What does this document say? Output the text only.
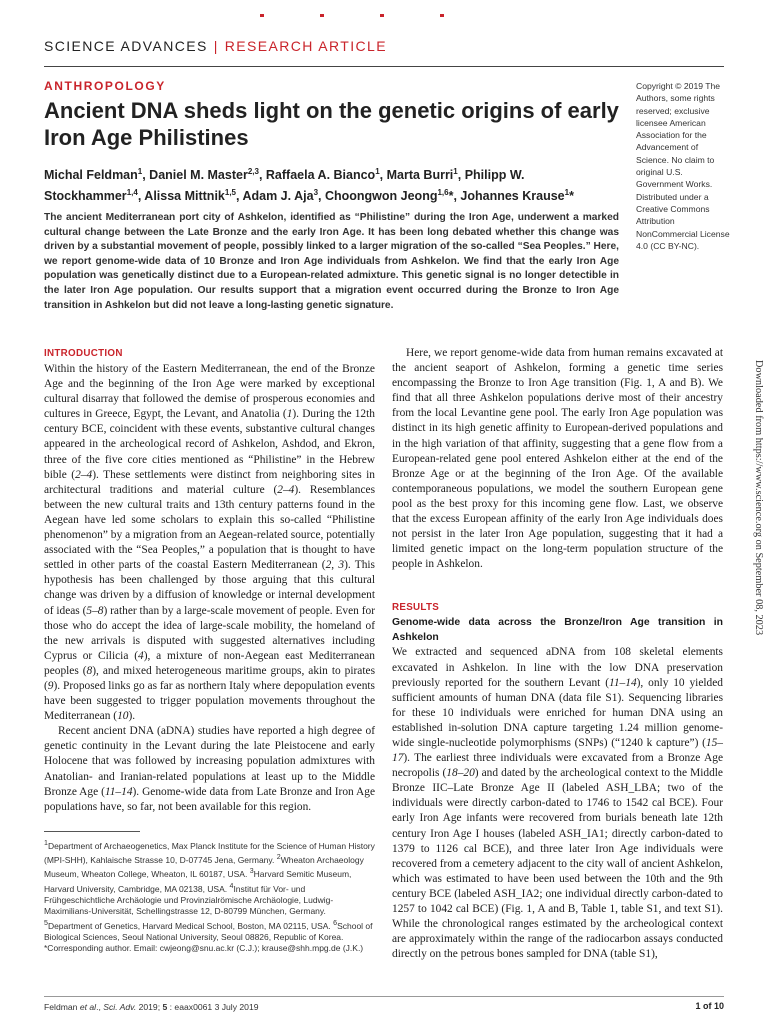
SCIENCE ADVANCES | RESEARCH ARTICLE
ANTHROPOLOGY
Ancient DNA sheds light on the genetic origins of early Iron Age Philistines
Michal Feldman$^1$, Daniel M. Master$^{2,3}$, Raffaela A. Bianco$^1$, Marta Burri$^1$, Philipp W. Stockhammer$^{1,4}$, Alissa Mittnik$^{1,5}$, Adam J. Aja$^3$, Choongwon Jeong$^{1,6}$*, Johannes Krause$^1$*

The ancient Mediterranean port city of Ashkelon, identified as “Philistine” during the Iron Age, underwent a marked cultural change between the Late Bronze and the early Iron Age. It has been long debated whether this change was driven by a substantial movement of people, possibly linked to a larger migration of the so-called “Sea Peoples.” Here, we report genome-wide data of 10 Bronze and Iron Age individuals from Ashkelon. We find that the early Iron Age population was genetically distinct due to a European-related admixture. This genetic signal is no longer detectible in the later Iron Age population. Our results support that a migration event occurred during the Bronze to Iron Age transition in Ashkelon but did not leave a long-lasting genetic signature.

Copyright © 2019 The Authors, some rights reserved; exclusive licensee American Association for the Advancement of Science. No claim to original U.S. Government Works. Distributed under a Creative Commons Attribution NonCommercial License 4.0 (CC BY-NC).
INTRODUCTION

Within the history of the Eastern Mediterranean, the end of the Bronze Age and the beginning of the Iron Age were marked by exceptional cultural disarray that followed the demise of prosperous economies and cultures in Greece, Egypt, the Levant, and Anatolia (1). During the 12th century BCE, coincident with these events, substantive cultural changes appeared in the archeological record of Ashkelon, Ashdod, and Ekron, three of the five core cities mentioned as “Philistine” in the Hebrew bible (2–4). These settlements were distinct from neighboring sites in architectural traditions and material culture (2–4). Resemblances between the new cultural traits and 13th century patterns found in the Aegean have led some scholars to explain this so-called “Philistine phenomenon” by a migration from an Aegean-related source, potentially associated with the “Sea Peoples,” a population that is thought to have settled in other parts of the coastal Eastern Mediterranean (2, 3). This hypothesis has been challenged by those arguing that this cultural change was driven by a diffusion of knowledge or internal development of ideas (5–8) rather than by a large-scale movement of people. Even for those who do accept the idea of large-scale mobility, the homeland of the new arrivals is disputed with suggested alternatives including Cyprus or Cilicia (4), a mixture of non-Aegean east Mediterranean peoples (8), and mixed heterogeneous maritime groups, akin to pirates (9). Proposed links go as far as northern Italy where depopulation events have been suggested to trigger population movements throughout the Mediterranean (10).

Recent ancient DNA (aDNA) studies have reported a high degree of genetic continuity in the Levant during the late Pleistocene and early Holocene that was followed by increasing population admixtures with Anatolian- and Iranian-related populations at least up to the Middle Bronze Age (11–14). Genome-wide data from Late Bronze and Iron Age populations have, so far, not been available for this region.

$^1$Department of Archaeogenetics, Max Planck Institute for the Science of Human History (MPI-SHH), Kahlaische Strasse 10, D-07745 Jena, Germany. $^2$Wheaton Archaeology Museum, Wheaton College, Wheaton, IL 60187, USA. $^3$Harvard Semitic Museum, Harvard University, Cambridge, MA 02138, USA. $^4$Institut für Vor- und Frühgeschichtliche Archäologie und Provinzialrömische Archäologie, Ludwig-Maximilians-Universität, Schellingstrasse 12, D-80799 München, Germany. $^5$Department of Genetics, Harvard Medical School, Boston, MA 02115, USA. $^6$School of Biological Sciences, Seoul National University, Seoul 08826, Republic of Korea.

*Corresponding author. Email: cwjeong@snu.ac.kr (C.J.); krause@shh.mpg.de (J.K.)

Here, we report genome-wide data from human remains excavated at the ancient seaport of Ashkelon, forming a genetic time series encompassing the Bronze to Iron Age transition (Fig. 1, A and B). We find that all three Ashkelon populations derive most of their ancestry from the local Levantine gene pool. The early Iron Age population was distinct in its high genetic affinity to European-derived populations and in the high variation of that affinity, suggesting that a gene flow from a European-related gene pool entered Ashkelon either at the end of the Bronze Age or at the beginning of the Iron Age. Of the available contemporaneous populations, we model the southern European gene pool as the best proxy for this incoming gene flow. Last, we observe that the excess European affinity of the early Iron Age individuals does not persist in the later Iron Age population, suggesting that it had a limited genetic impact on the long-term population structure of the people in Ashkelon.

RESULTS

Genome-wide data across the Bronze/Iron Age transition in Ashkelon

We extracted and sequenced aDNA from 108 skeletal elements excavated in Ashkelon. In line with the low DNA preservation previously reported for the southern Levant (11–14), only 10 yielded sufficient amounts of human DNA (data file S1). Sequencing libraries for these 10 individuals were enriched for human DNA using an established in-solution DNA capture targeting 1.24 million genome-wide single-nucleotide polymorphisms (SNPs) (“1240 k capture”) (15–17). The earliest three individuals were excavated from a Bronze Age necropolis (18–20) and dated by the archeological context to the Middle Bronze IIC–Late Bronze Age II (labeled ASH_LBA; two of the individuals were directly carbon-dated to 1746 to 1542 cal BCE). Four early Iron Age infants were recovered from burials beneath late 12th century Iron Age I houses (labeled ASH_IA1; directly carbon-dated to 1379 to 1126 cal BCE), and three later Iron Age individuals were recovered from a cemetery adjacent to the city wall of ancient Ashkelon, which was estimated to have been used between the 10th and the 9th century BCE (labeled ASH_IA2; one individual directly carbon-dated to 1257 to 1042 cal BCE) (Fig. 1, A and B, Table 1, table S1, and text S1). While the chronological ranges estimated by the archeological context are approximately within the range of the radiocarbon assays conducted directly on the petrous bones sampled for DNA (table S1),

Downloaded from https://www.science.org on September 08, 2023
Feldman et al., Sci. Adv. 2019; 5 : eaax0061 3 July 2019	1 of 10
